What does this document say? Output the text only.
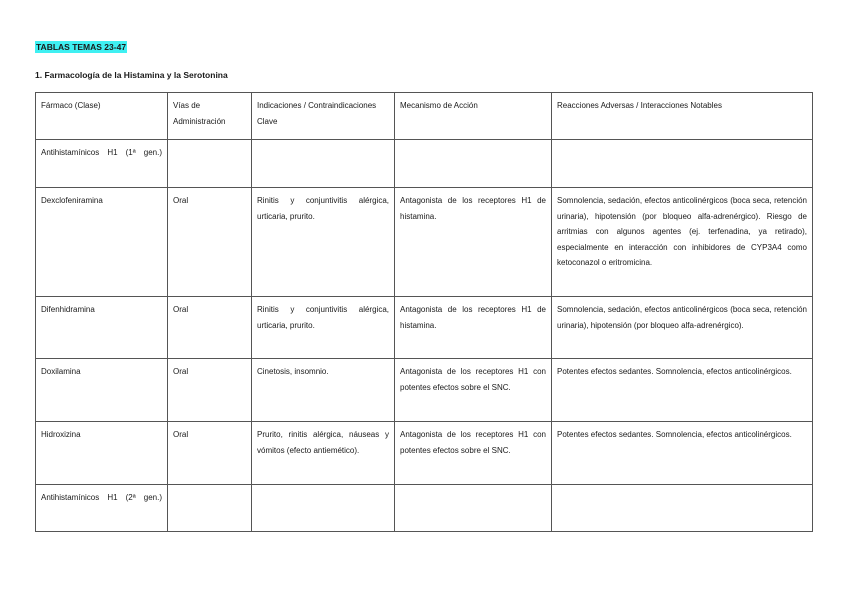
TABLAS TEMAS 23-47
1. Farmacología de la Histamina y la Serotonina
Fármaco (Clase)	Vías de Administración	Indicaciones / Contraindicaciones Clave	Mecanismo de Acción	Reacciones Adversas / Interacciones Notables
Antihistamínicos H1 (1ª gen.)				
Dexclofeniramina	Oral	Rinitis y conjuntivitis alérgica, urticaria, prurito.	Antagonista de los receptores H1 de histamina.	Somnolencia, sedación, efectos anticolinérgicos (boca seca, retención urinaria), hipotensión (por bloqueo alfa-adrenérgico). Riesgo de arritmias con algunos agentes (ej. terfenadina, ya retirado), especialmente en interacción con inhibidores de CYP3A4 como ketoconazol o eritromicina.
Difenhidramina	Oral	Rinitis y conjuntivitis alérgica, urticaria, prurito.	Antagonista de los receptores H1 de histamina.	Somnolencia, sedación, efectos anticolinérgicos (boca seca, retención urinaria), hipotensión (por bloqueo alfa-adrenérgico).
Doxilamina	Oral	Cinetosis, insomnio.	Antagonista de los receptores H1 con potentes efectos sobre el SNC.	Potentes efectos sedantes. Somnolencia, efectos anticolinérgicos.
Hidroxizina	Oral	Prurito, rinitis alérgica, náuseas y vómitos (efecto antiemético).	Antagonista de los receptores H1 con potentes efectos sobre el SNC.	Potentes efectos sedantes. Somnolencia, efectos anticolinérgicos.
Antihistamínicos H1 (2ª gen.)				
